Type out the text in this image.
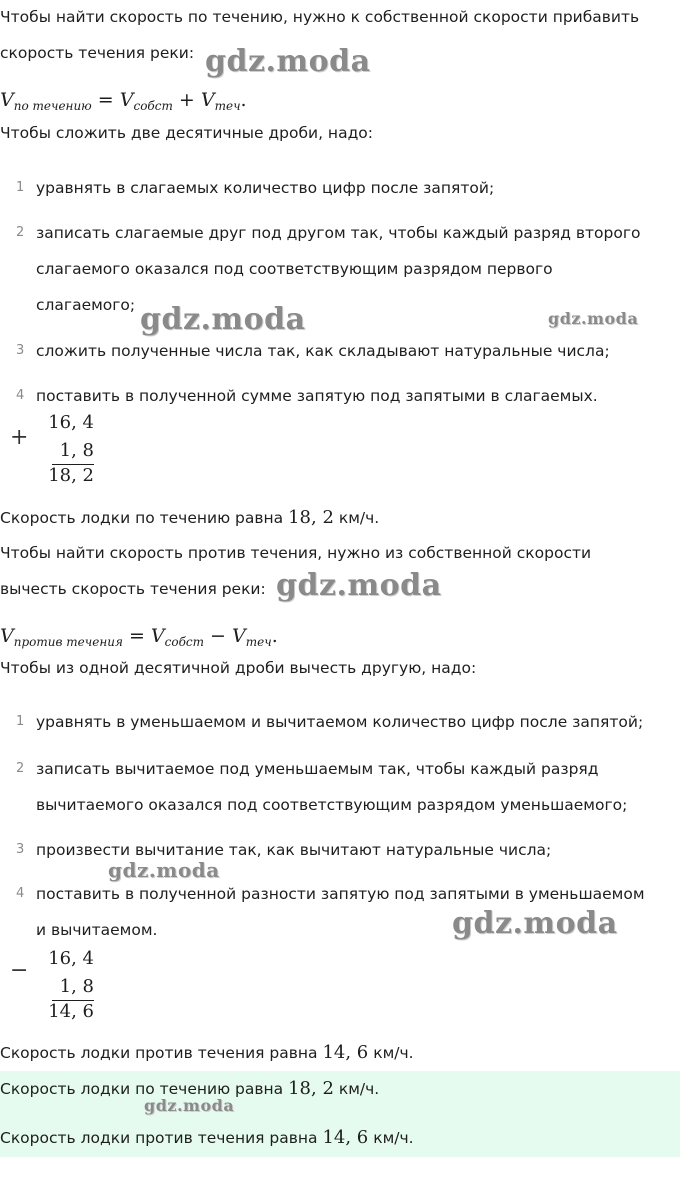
Чтобы найти скорость по течению, нужно к собственной скорости прибавить

скорость течения реки:

$V_{по течению} = V_{собст} + V_{теч}$.

Чтобы сложить две десятичные дроби, надо:

1 уравнять в слагаемых количество цифр после запятой;
2 записать слагаемые друг под другом так, чтобы каждый разряд второго
слагаемого оказался под соответствующим разрядом первого
слагаемого;
3 сложить полученные числа так, как складывают натуральные числа;
4 поставить в полученной сумме запятую под запятыми в слагаемых.
+
16, 4
1, 8
18, 2

Скорость лодки по течению равна 18, 2 км/ч.

Чтобы найти скорость против течения, нужно из собственной скорости

вычесть скорость течения реки:

$V_{против течения} = V_{собст} - V_{теч}$.

Чтобы из одной десятичной дроби вычесть другую, надо:

1 уравнять в уменьшаемом и вычитаемом количество цифр после запятой;
2 записать вычитаемое под уменьшаемым так, чтобы каждый разряд
вычитаемого оказался под соответствующим разрядом уменьшаемого;
3 произвести вычитание так, как вычитают натуральные числа;
4 поставить в полученной разности запятую под запятыми в уменьшаемом
и вычитаемом.
− 16, 4
1, 8
14, 6

Скорость лодки против течения равна 14, 6 км/ч.

Скорость лодки по течению равна 18, 2 км/ч.

Скорость лодки против течения равна 14, 6 км/ч.

gdz.moda
gdz.moda	gdz.moda
gdz.moda
gdz.moda
gdz.moda
gdz.moda
